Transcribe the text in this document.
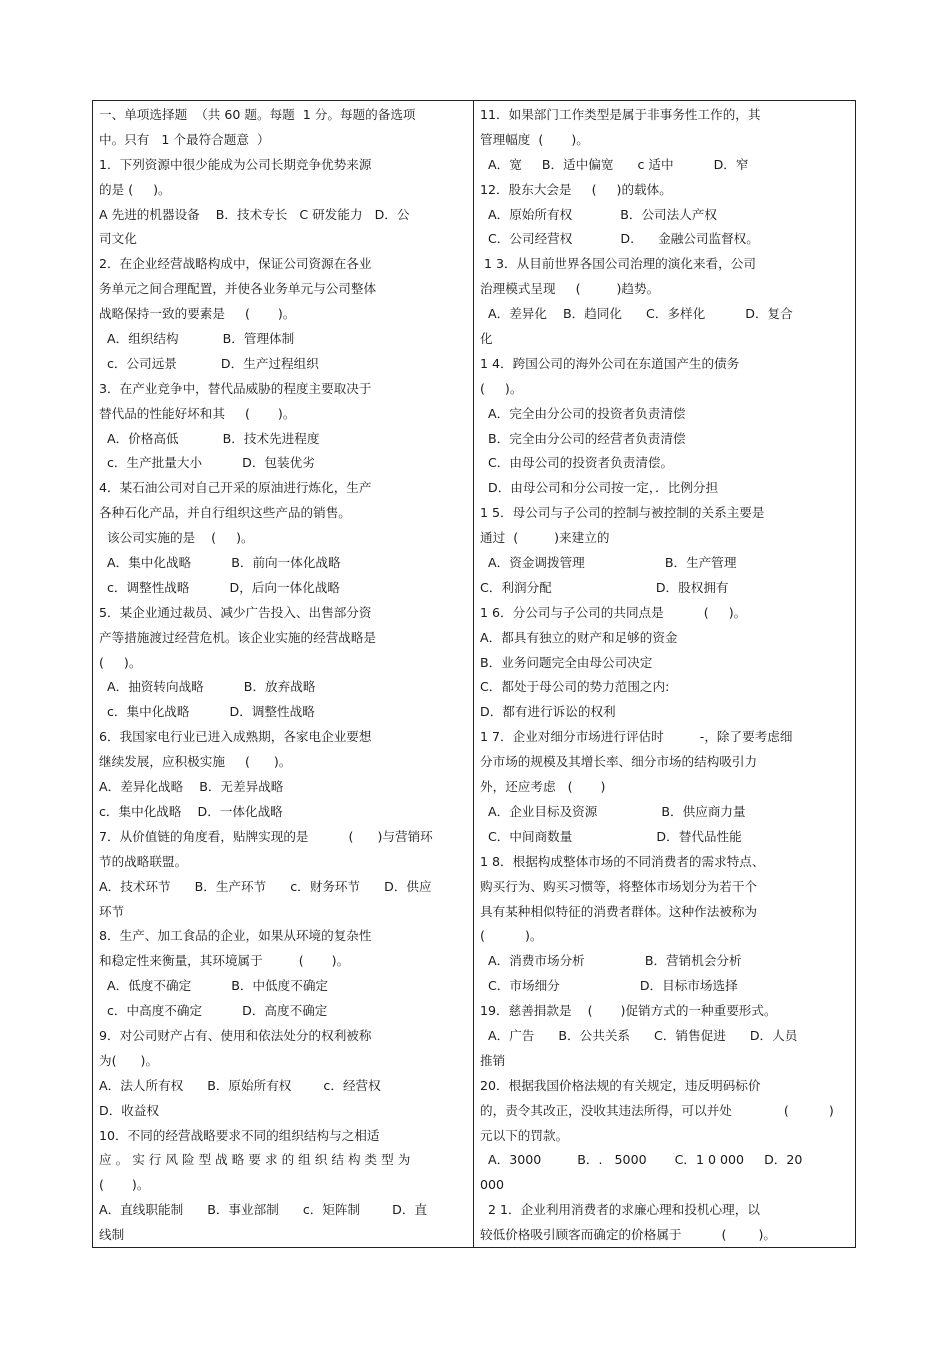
一、单项选择题  （共 60 题。每题  1 分。每题的备选项
中。只有   1 个最符合题意  ）
1．下列资源中很少能成为公司长期竞争优势来源
的是 (     )。
A 先进的机器设备    B．技术专长   C 研发能力   D．公
司文化
2．在企业经营战略构成中，保证公司资源在各业
务单元之间合理配置，并使各业务单元与公司整体
战略保持一致的要素是     (       )。
A．组织结构           B．管理体制
c．公司远景           D．生产过程组织
3．在产业竞争中，替代品威胁的程度主要取决于
替代品的性能好坏和其     (       )。
A．价格高低           B．技术先进程度
c．生产批量大小          D．包装优劣
4．某石油公司对自己开采的原油进行炼化，生产
各种石化产品，并自行组织这些产品的销售。
该公司实施的是    (     )。
A．集中化战略          B．前向一体化战略
c．调整性战略          D，后向一体化战略
5．某企业通过裁员、减少广告投入、出售部分资
产等措施渡过经营危机。该企业实施的经营战略是
(     )。
A．抽资转向战略          B．放弃战略
c．集中化战略          D．调整性战略
6．我国家电行业已进入成熟期，各家电企业要想
继续发展，应积极实施     (      )。
A．差异化战略    B．无差异战略
c．集中化战略    D．一体化战略
7．从价值链的角度看，贴牌实现的是          (      )与营销环
节的战略联盟。
A．技术环节      B．生产环节      c．财务环节      D．供应
环节
8．生产、加工食品的企业，如果从环境的复杂性
和稳定性来衡量，其环境属于         (       )。
A．低度不确定          B．中低度不确定
c．中高度不确定          D．高度不确定
9．对公司财产占有、使用和依法处分的权利被称
为(      )。
A．法人所有权      B．原始所有权        c．经营权
D．收益权
10．不同的经营战略要求不同的组织结构与之相适
应 。 实 行 风 险 型 战 略 要 求 的 组 织 结 构 类 型 为
(       )。
A．直线职能制      B．事业部制      c．矩阵制        D．直
线制
11．如果部门工作类型是属于非事务性工作的，其
管理幅度  (       )。
A．宽     B．适中偏宽      c 适中          D．窄
12．股东大会是     (     )的载体。
A．原始所有权            B．公司法人产权
C．公司经营权            D.      金融公司监督权。
1 3．从目前世界各国公司治理的演化来看，公司
治理模式呈现     (         )趋势。
A．差异化    B．趋同化      C．多样化          D．复合
化
1 4．跨国公司的海外公司在东道国产生的债务
(     )。
A．完全由分公司的投资者负责清偿
B．完全由分公司的经营者负责清偿
C．由母公司的投资者负责清偿。
D．由母公司和分公司按一定，．比例分担
1 5．母公司与子公司的控制与被控制的关系主要是
通过  (         )来建立的
A．资金调拨管理                    B．生产管理
C．利润分配                          D．股权拥有
1 6．分公司与子公司的共同点是          (     )。
A．都具有独立的财产和足够的资金
B．业务问题完全由母公司决定
C．都处于母公司的势力范围之内:
D．都有进行诉讼的权利
1 7．企业对细分市场进行评估时         -，除了要考虑细
分市场的规模及其增长率、细分市场的结构吸引力
外，还应考虑   (       )
A．企业目标及资源                B．供应商力量
C．中间商数量                     D．替代品性能
1 8．根据构成整体市场的不同消费者的需求特点、
购买行为、购买习惯等，将整体市场划分为若干个
具有某种相似特征的消费者群体。这种作法被称为
(          )。
A．消费市场分析               B．营销机会分析
C．市场细分                    D．目标市场选择
19．慈善捐款是    (       )促销方式的一种重要形式。
A．广告      B．公共关系      C．销售促进      D．人员
推销
20．根据我国价格法规的有关规定，违反明码标价
的，责令其改正，没收其违法所得，可以并处             (          )
元以下的罚款。
A．3000         B．.   5000       C．1 0 000     D．20
000
2 1．企业利用消费者的求廉心理和投机心理，以
较低价格吸引顾客而确定的价格属于          (        )。
